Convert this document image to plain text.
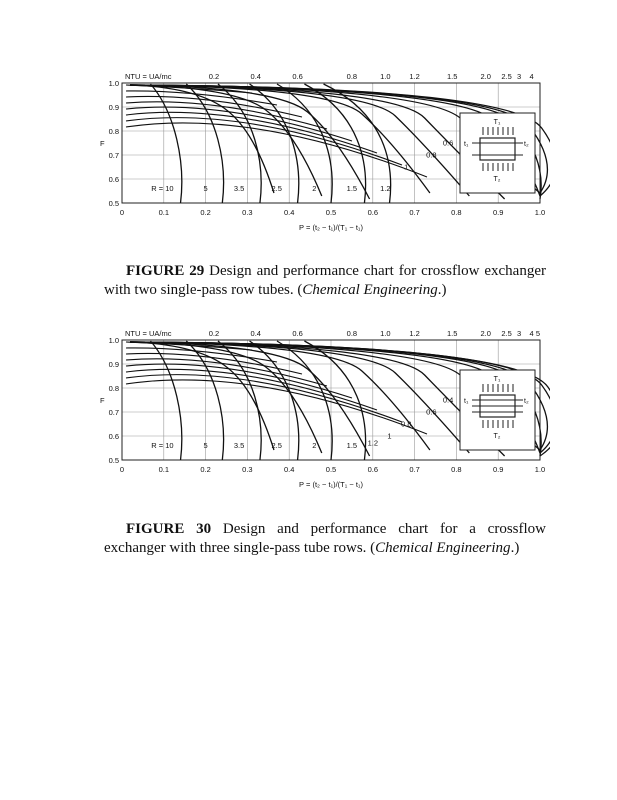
0	0.1	0.2	0.3	0.4	0.5	0.6	0.7	0.8	0.9	1.0
1.0
0.9
0.8
0.7
0.6
0.5
P = (t₂ − t₁)/(T₁ − t₁)
F
NTU = UA/mc	0.2	0.4	0.6	0.8	1.0	1.2	1.5	2.0 2.5 3 4
R = 10	5	3.5	2.5	2	1.5	1.2
0.6
0.8
1
T₁
t₁	t₂
T₂

FIGURE 29 Design and performance chart for crossflow exchanger with two single-pass row tubes. (Chemical Engineering.)

0	0.1	0.2	0.3	0.4	0.5	0.6	0.7	0.8	0.9	1.0
1.0
0.9
0.8
0.7
0.6
0.5
P = (t₂ − t₁)/(T₁ − t₁)
F
NTU = UA/mc	0.2	0.4	0.6	0.8	1.0	1.2	1.5	2.0 2.5 3 4 5
R = 10	5	3.5	2.5	2	1.5
0.4
0.6
0.8
1
1.2
T₁
t₁	t₂
T₂

FIGURE 30 Design and performance chart for a crossflow exchanger with three single-pass tube rows. (Chemical Engineering.)
